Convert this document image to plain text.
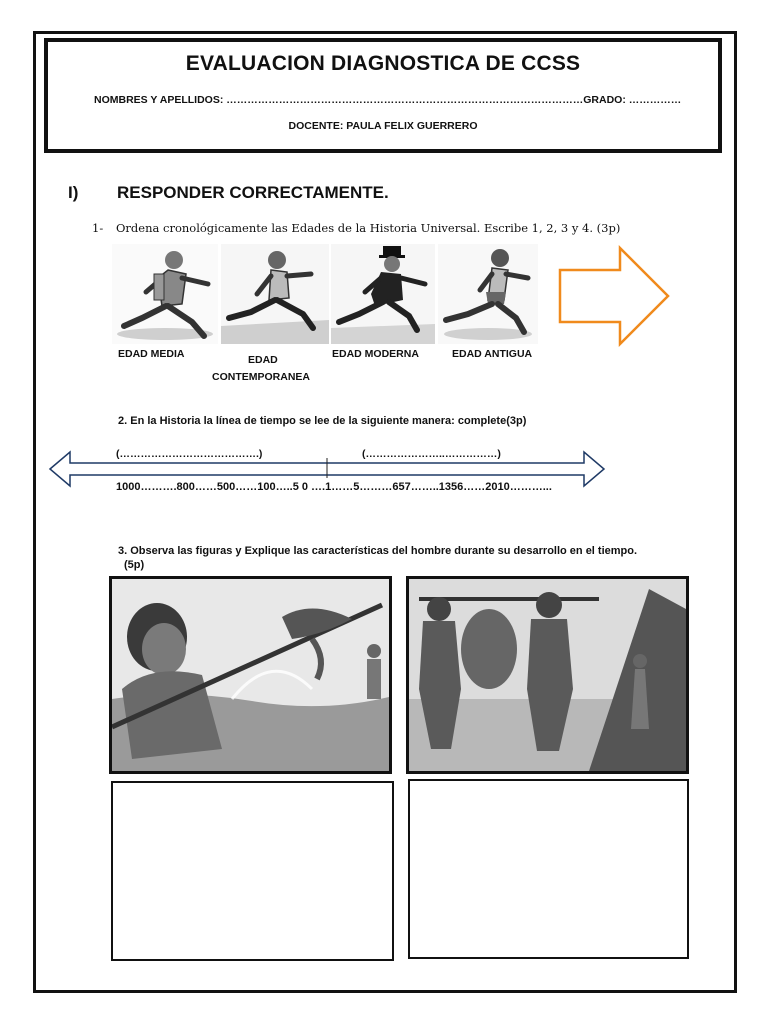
EVALUACION DIAGNOSTICA DE CCSS
NOMBRES Y APELLIDOS: …………………………………………………………………………………………GRADO: ……………
DOCENTE: PAULA FELIX GUERRERO
I) RESPONDER CORRECTAMENTE.
1- Ordena cronológicamente las Edades de la Historia Universal. Escribe 1, 2, 3 y 4. (3p)
EDAD MEDIA	EDAD
CONTEMPORANEA
EDAD MODERNA	EDAD ANTIGUA
2. En la Historia la línea de tiempo se lee de la siguiente manera: complete(3p)
(………………………………….)	(…………………..……………)
1000……….800……500……100…..5 0 ….1……5………657……..1356……2010………...
3. Observa las figuras y Explique las características del hombre durante su desarrollo en el tiempo.
(5p)
